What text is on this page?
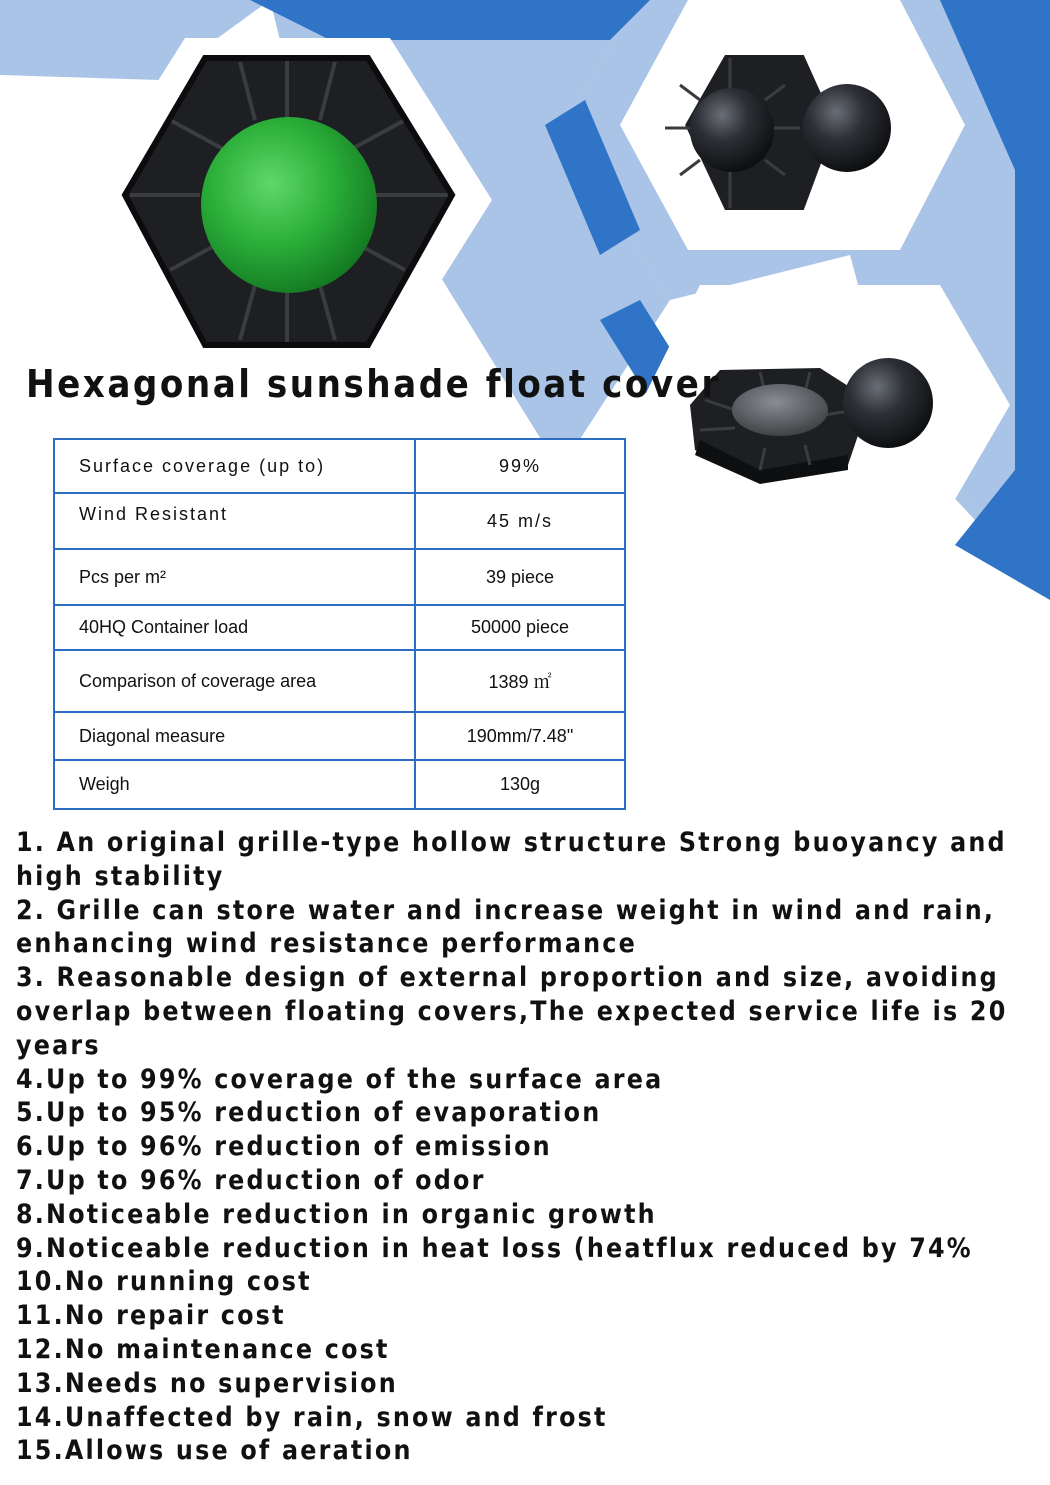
Hexagonal sunshade float cover
Surface coverage (up to)	99%
Wind Resistant	45 m/s
Pcs per m²	39 piece
40HQ Container load	50000 piece
Comparison of coverage area	1389 ㎡
Diagonal measure	190mm/7.48"
Weigh	130g
1. An original grille-type hollow structure Strong buoyancy and high stability
2. Grille can store water and increase weight in wind and rain, enhancing wind resistance performance
3. Reasonable design of external proportion and size, avoiding overlap between floating covers,The expected service life is 20 years
4.Up to 99% coverage of the surface area
5.Up to 95% reduction of evaporation
6.Up to 96% reduction of emission
7.Up to 96% reduction of odor
8.Noticeable reduction in organic growth
9.Noticeable reduction in heat loss (heatflux reduced by 74%
10.No running cost
11.No repair cost
12.No maintenance cost
13.Needs no supervision
14.Unaffected by rain, snow and frost
15.Allows use of aeration
